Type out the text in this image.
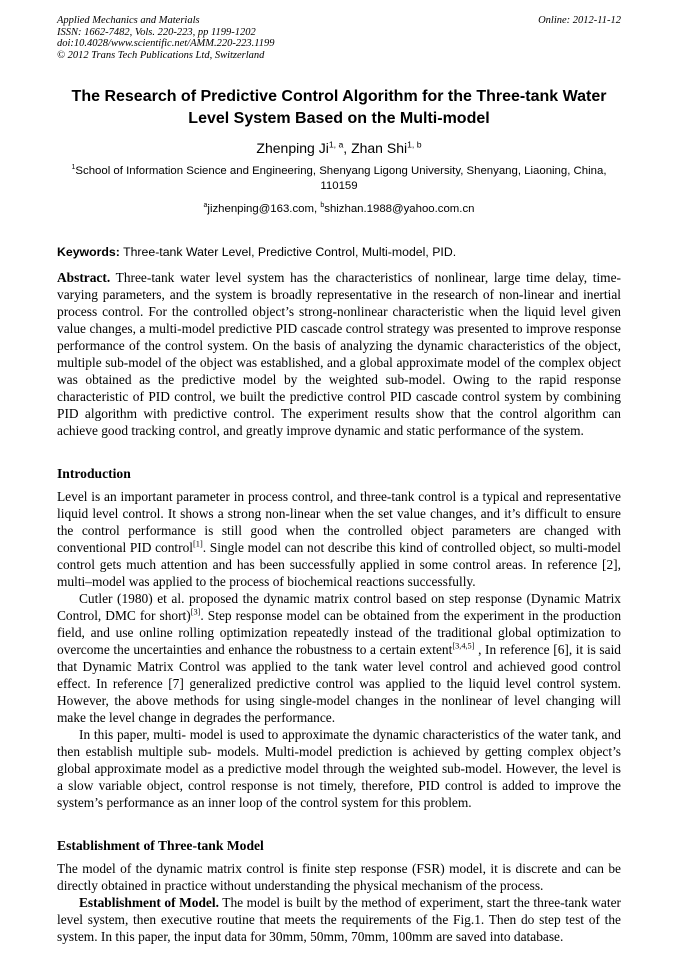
Applied Mechanics and Materials
ISSN: 1662-7482, Vols. 220-223, pp 1199-1202
doi:10.4028/www.scientific.net/AMM.220-223.1199
© 2012 Trans Tech Publications Ltd, Switzerland
Online: 2012-11-12
The Research of Predictive Control Algorithm for the Three-tank Water Level System Based on the Multi-model
Zhenping Ji$^{1, a}$, Zhan Shi$^{1, b}$
$^1$School of Information Science and Engineering, Shenyang Ligong University, Shenyang, Liaoning, China, 110159
$^a$jizhenping@163.com, $^b$shizhan.1988@yahoo.com.cn
Keywords: Three-tank Water Level, Predictive Control, Multi-model, PID.

Abstract. Three-tank water level system has the characteristics of nonlinear, large time delay, time-varying parameters, and the system is broadly representative in the research of non-linear and inertial process control. For the controlled object’s strong-nonlinear characteristic when the liquid level given value changes, a multi-model predictive PID cascade control strategy was presented to improve response performance of the control system. On the basis of analyzing the dynamic characteristics of the object, multiple sub-model of the object was established, and a global approximate model of the complex object was obtained as the predictive model by the weighted sub-model. Owing to the rapid response characteristic of PID control, we built the predictive control PID cascade control system by combining PID algorithm with predictive control. The experiment results show that the control algorithm can achieve good tracking control, and greatly improve dynamic and static performance of the system.

Introduction

Level is an important parameter in process control, and three-tank control is a typical and representative liquid level control. It shows a strong non-linear when the set value changes, and it’s difficult to ensure the control performance is still good when the controlled object parameters are changed with conventional PID control[1]. Single model can not describe this kind of controlled object, so multi-model control gets much attention and has been successfully applied in some control areas. In reference [2], multi–model was applied to the process of biochemical reactions successfully.

Cutler (1980) et al. proposed the dynamic matrix control based on step response (Dynamic Matrix Control, DMC for short)[3]. Step response model can be obtained from the experiment in the production field, and use online rolling optimization repeatedly instead of the traditional global optimization to overcome the uncertainties and enhance the robustness to a certain extent[3,4,5] , In reference [6], it is said that Dynamic Matrix Control was applied to the tank water level control and achieved good control effect. In reference [7] generalized predictive control was applied to the liquid level control system. However, the above methods for using single-model changes in the nonlinear of level changing will make the level change in degrades the performance.

In this paper, multi- model is used to approximate the dynamic characteristics of the water tank, and then establish multiple sub- models. Multi-model prediction is achieved by getting complex object’s global approximate model as a predictive model through the weighted sub-model. However, the level is a slow variable object, control response is not timely, therefore, PID control is added to improve the system’s performance as an inner loop of the control system for this problem.

Establishment of Three-tank Model

The model of the dynamic matrix control is finite step response (FSR) model, it is discrete and can be directly obtained in practice without understanding the physical mechanism of the process.

Establishment of Model. The model is built by the method of experiment, start the three-tank water level system, then executive routine that meets the requirements of the Fig.1. Then do step test of the system. In this paper, the input data for 30mm, 50mm, 70mm, 100mm are saved into database.
